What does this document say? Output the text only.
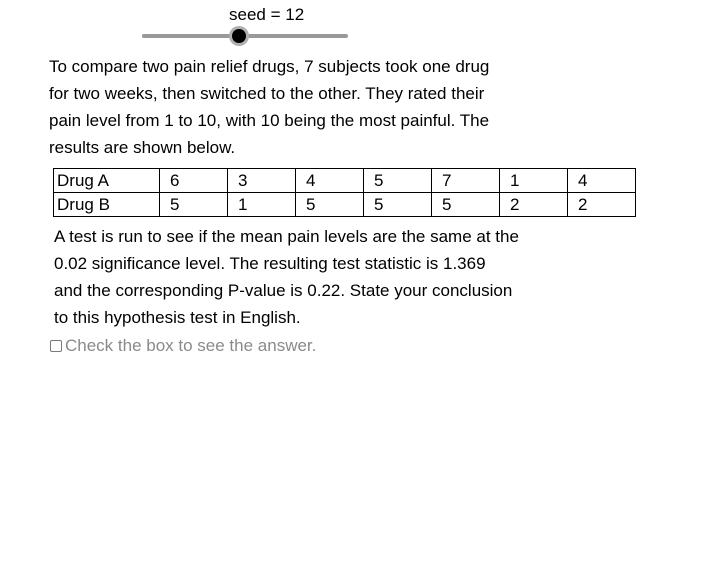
seed = 12
To compare two pain relief drugs, 7 subjects took one drug
for two weeks, then switched to the other. They rated their
pain level from 1 to 10, with 10 being the most painful. The
results are shown below.
Drug A	6	3	4	5	7	1	4
Drug B	5	1	5	5	5	2	2
A test is run to see if the mean pain levels are the same at the
0.02 significance level. The resulting test statistic is 1.369
and the corresponding P-value is 0.22. State your conclusion
to this hypothesis test in English.
Check the box to see the answer.
